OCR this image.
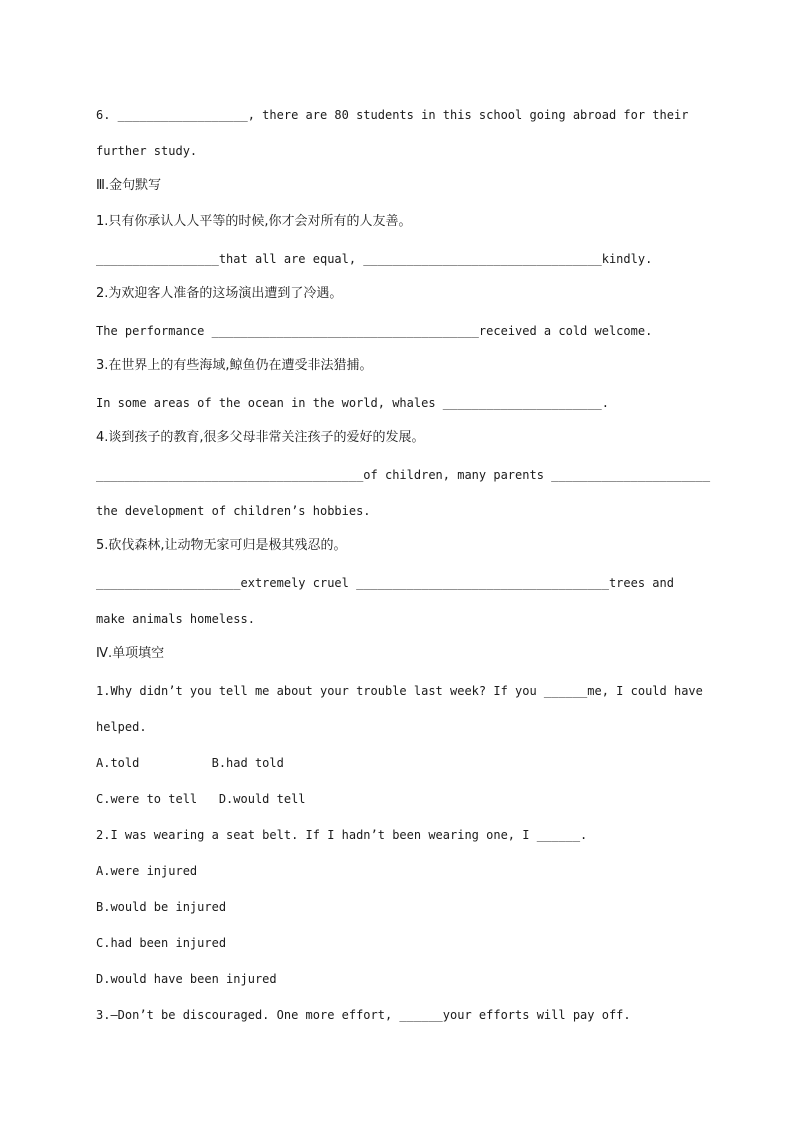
6. __________________, there are 80 students in this school going abroad for their
further study.
Ⅲ.金句默写
1.只有你承认人人平等的时候,你才会对所有的人友善。
_________________that all are equal, _________________________________kindly.
2.为欢迎客人准备的这场演出遭到了冷遇。
The performance _____________________________________received a cold welcome.
3.在世界上的有些海域,鲸鱼仍在遭受非法猎捕。
In some areas of the ocean in the world, whales ______________________.
4.谈到孩子的教育,很多父母非常关注孩子的爱好的发展。
_____________________________________of children, many parents ______________________
the development of children’s hobbies.
5.砍伐森林,让动物无家可归是极其残忍的。
____________________extremely cruel ___________________________________trees and
make animals homeless.
Ⅳ.单项填空
1.Why didn’t you tell me about your trouble last week? If you ______me, I could have
helped.
A.told          B.had told
C.were to tell   D.would tell
2.I was wearing a seat belt. If I hadn’t been wearing one, I ______.
A.were injured
B.would be injured
C.had been injured
D.would have been injured
3.—Don’t be discouraged. One more effort, ______your efforts will pay off.
